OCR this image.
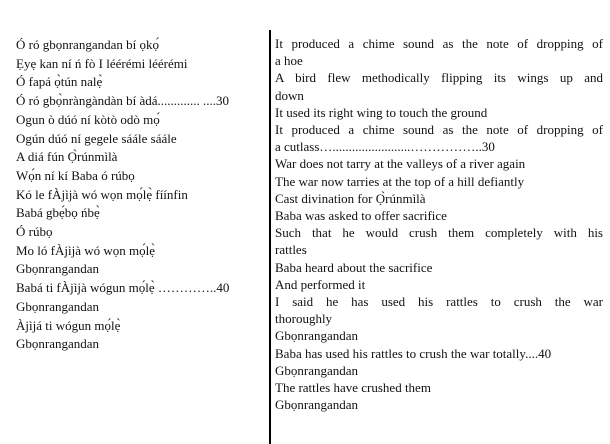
Ó ró gbọnrangandan bí ọkọ́
Ẹyẹ kan ní ń fò I léérémi léérémi
Ó fapá ọ̀tún nalẹ̀
Ó ró gbọ̀nràngàndàn bí àdá............. ....30
Ogun ò dúó ní kòtò odò mọ́
Ogún dúó ní gegele sáále sáále
A diá fún Ọ̀rúnmìlà
Wọ́n ní kí Baba ó rúbọ
Kó le fÀjìjà wó wọn mọ́lẹ̀ fíínfin
Babá gbẹ́bọ ńbẹ̀
Ó rúbọ
Mo ló fÀjìjà wó wọn mọ́lẹ̀
Gbọnrangandan
Babá ti fÀjìjà wógun mọ́lẹ̀ …………..40
Gbọnrangandan
Àjìjá ti wógun mọ́lẹ̀
Gbọnrangandan
It produced a chime sound as the note of dropping of
a hoe
A bird flew methodically flipping its wings up and
down
It used its right wing to touch the ground
It produced a chime sound as the note of dropping of
a cutlass…........................……………..30
War does not tarry at the valleys of a river again
The war now tarries at the top of a hill defiantly
Cast divination for Ọ̀rúnmìlà
Baba was asked to offer sacrifice
Such that he would crush them completely with his
rattles
Baba heard about the sacrifice
And performed it
I said he has used his rattles to crush the war
thoroughly
Gbọnrangandan
Baba has used his rattles to crush the war totally....40
Gbọnrangandan
The rattles have crushed them
Gbọnrangandan
